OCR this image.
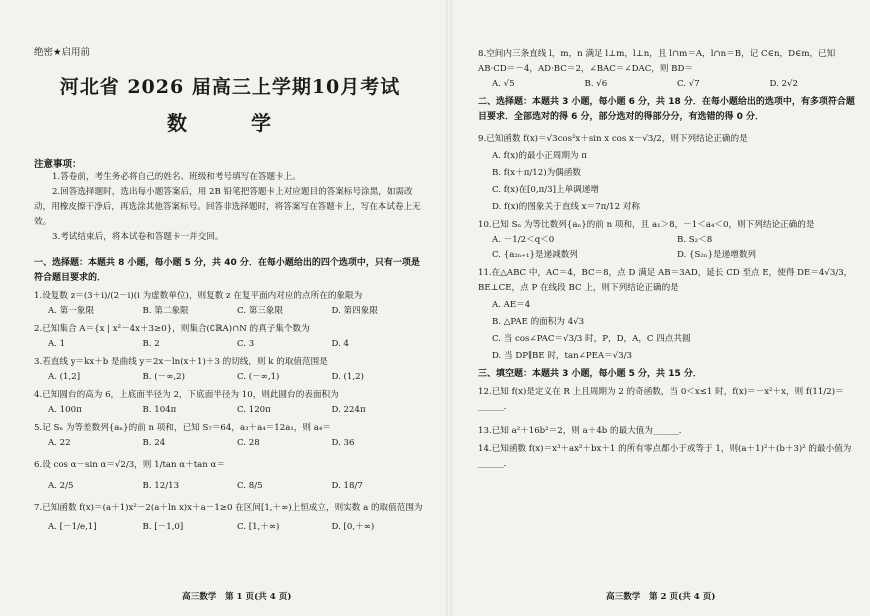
绝密★启用前
河北省 2026 届高三上学期10月考试
数　学
注意事项：
1.答卷前，考生务必将自己的姓名、班级和考号填写在答题卡上。
2.回答选择题时，选出每小题答案后，用 2B 铅笔把答题卡上对应题目的答案标号涂黑，如需改动，用橡皮擦干净后，再选涂其他答案标号。回答非选择题时，将答案写在答题卡上，写在本试卷上无效。
3.考试结束后，将本试卷和答题卡一并交回。
一、选择题：本题共 8 小题，每小题 5 分，共 40 分．在每小题给出的四个选项中，只有一项是符合题目要求的．
1.设复数 z＝(3＋i)/(2－i)(i 为虚数单位)，则复数 z 在复平面内对应的点所在的象限为
A. 第一象限	B. 第二象限	C. 第三象限	D. 第四象限
2.已知集合 A＝{x | x²－4x＋3≥0}，则集合(∁ℝA)∩N 的真子集个数为
A. 1	B. 2	C. 3	D. 4
3.若直线 y＝kx＋b 是曲线 y＝2x－ln(x＋1)＋3 的切线，则 k 的取值范围是
A. (1,2]	B. (－∞,2)	C. (－∞,1)	D. (1,2)
4.已知圆台的高为 6，上底面半径为 2，下底面半径为 10，则此圆台的表面积为
A. 100π	B. 104π	C. 120π	D. 224π
5.记 Sₙ 为等差数列{aₙ}的前 n 项和，已知 S₇＝64，a₃＋a₄＝12a₁，则 a₄＝
A. 22	B. 24	C. 28	D. 36
6.设 cos α－sin α＝√2/3，则 1/tan α＋tan α＝
A. 2/5	B. 12/13	C. 8/5	D. 18/7
7.已知函数 f(x)＝(a＋1)x²－2(a＋ln x)x＋a－1≥0 在区间[1,＋∞)上恒成立，则实数 a 的取值范围为
A. [－1/e,1]	B. [－1,0]	C. [1,＋∞)	D. [0,＋∞)
高三数学　第 1 页(共 4 页)
8.空间内三条直线 l，m，n 满足 l⊥m，l⊥n，且 l∩m＝A，l∩n＝B，记 C∈n，D∈m，已知 AB·CD＝－4，AD·BC＝2，∠BAC＝∠DAC，则 BD＝
A. √5	B. √6	C. √7	D. 2√2
二、选择题：本题共 3 小题，每小题 6 分，共 18 分．在每小题给出的选项中，有多项符合题目要求．全部选对的得 6 分，部分选对的得部分分，有选错的得 0 分．
9.已知函数 f(x)＝√3cos²x＋sin x cos x－√3/2，则下列结论正确的是
A. f(x)的最小正周期为 π
B. f(x＋π/12)为偶函数
C. f(x)在[0,π/3]上单调递增
D. f(x)的图象关于直线 x＝7π/12 对称
10.已知 Sₙ 为等比数列{aₙ}的前 n 项和，且 a₁＞8，－1＜a₄＜0，则下列结论正确的是
A. －1/2＜q＜0	B. S₂＜8
C. {a₂ₙ₊₁}是递减数列	D. {S₂ₙ}是递增数列
11.在△ABC 中，AC＝4，BC＝8，点 D 满足 AB＝3AD，延长 CD 至点 E，使得 DE＝4√3/3，BE⊥CE，点 P 在线段 BC 上，则下列结论正确的是
A. AE＝4
B. △PAE 的面积为 4√3
C. 当 cos∠PAC＝√3/3 时，P，D，A，C 四点共圆
D. 当 DP∥BE 时，tan∠PEA＝√3/3
三、填空题：本题共 3 小题，每小题 5 分，共 15 分．
12.已知 f(x)是定义在 R 上且周期为 2 的奇函数，当 0＜x≤1 时，f(x)＝－x²＋x，则 f(11/2)＝______．
13.已知 a²＋16b²＝2，则 a＋4b 的最大值为______．
14.已知函数 f(x)＝x³＋ax²＋bx＋1 的所有零点都小于或等于 1，则(a＋1)²＋(b＋3)² 的最小值为______．
高三数学　第 2 页(共 4 页)
